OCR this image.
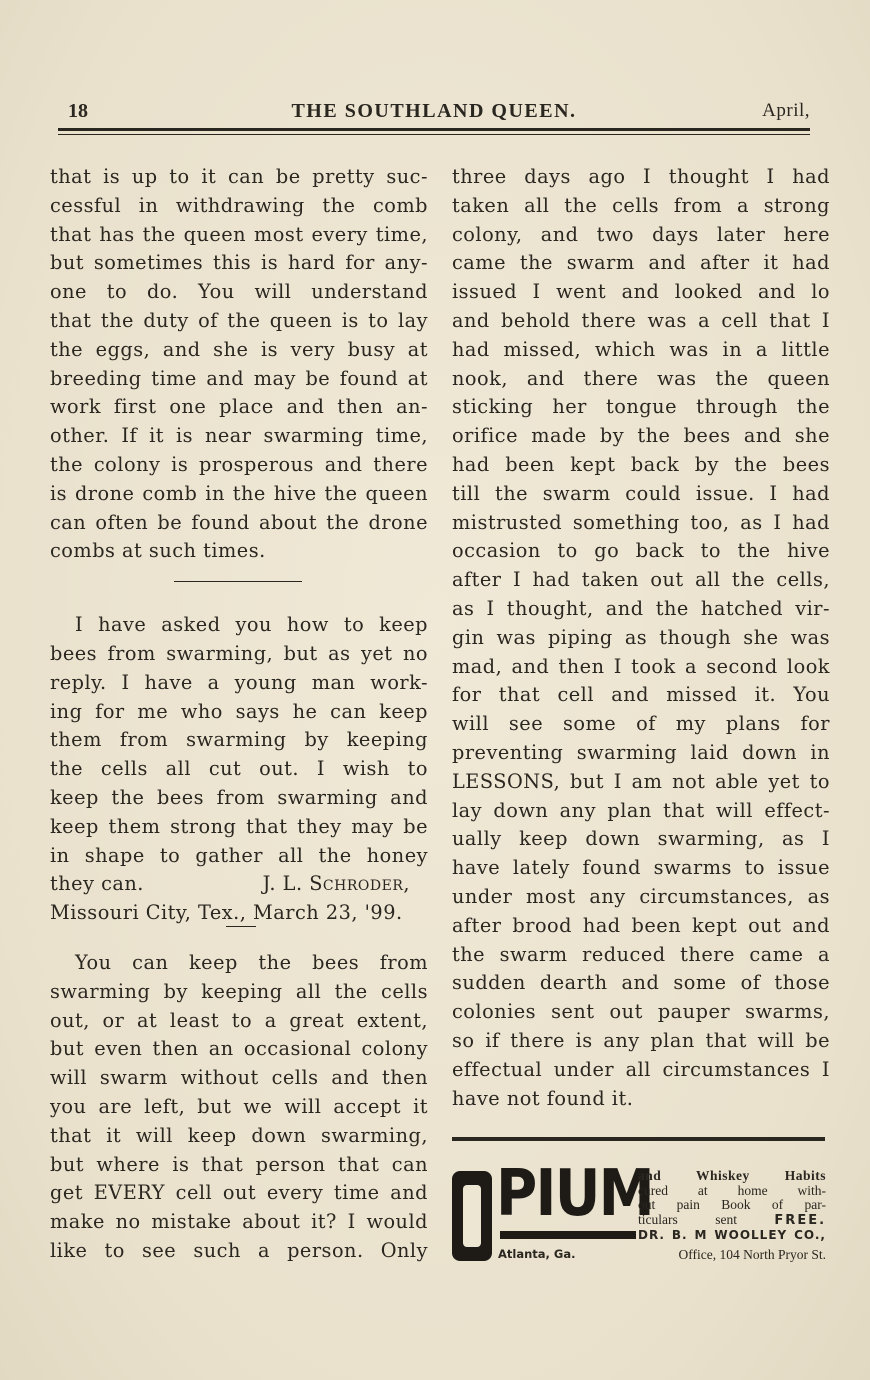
18	THE SOUTHLAND QUEEN.	April,

that is up to it can be pretty suc-

cessful in withdrawing the comb

that has the queen most every time,

but sometimes this is hard for any-

one to do. You will understand

that the duty of the queen is to lay

the eggs, and she is very busy at

breeding time and may be found at

work first one place and then an-

other. If it is near swarming time,

the colony is prosperous and there

is drone comb in the hive the queen

can often be found about the drone

combs at such times.

I have asked you how to keep

bees from swarming, but as yet no

reply. I have a young man work-

ing for me who says he can keep

them from swarming by keeping

the cells all cut out. I wish to

keep the bees from swarming and

keep them strong that they may be

in shape to gather all the honey

they can.	J. L. Schroder,

Missouri City, Tex., March 23, '99.

You can keep the bees from

swarming by keeping all the cells

out, or at least to a great extent,

but even then an occasional colony

will swarm without cells and then

you are left, but we will accept it

that it will keep down swarming,

but where is that person that can

get EVERY cell out every time and

make no mistake about it? I would

like to see such a person. Only

three days ago I thought I had

taken all the cells from a strong

colony, and two days later here

came the swarm and after it had

issued I went and looked and lo

and behold there was a cell that I

had missed, which was in a little

nook, and there was the queen

sticking her tongue through the

orifice made by the bees and she

had been kept back by the bees

till the swarm could issue. I had

mistrusted something too, as I had

occasion to go back to the hive

after I had taken out all the cells,

as I thought, and the hatched vir-

gin was piping as though she was

mad, and then I took a second look

for that cell and missed it. You

will see some of my plans for

preventing swarming laid down in

LESSONS, but I am not able yet to

lay down any plan that will effect-

ually keep down swarming, as I

have lately found swarms to issue

under most any circumstances, as

after brood had been kept out and

the swarm reduced there came a

sudden dearth and some of those

colonies sent out pauper swarms,

so if there is any plan that will be

effectual under all circumstances I

have not found it.

PIUM
and Whiskey Habits
cured at home with-
out pain Book of par-
ticulars sent	FREE.
DR. B. M WOOLLEY CO.,
Atlanta, Ga.	Office, 104 North Pryor St.
